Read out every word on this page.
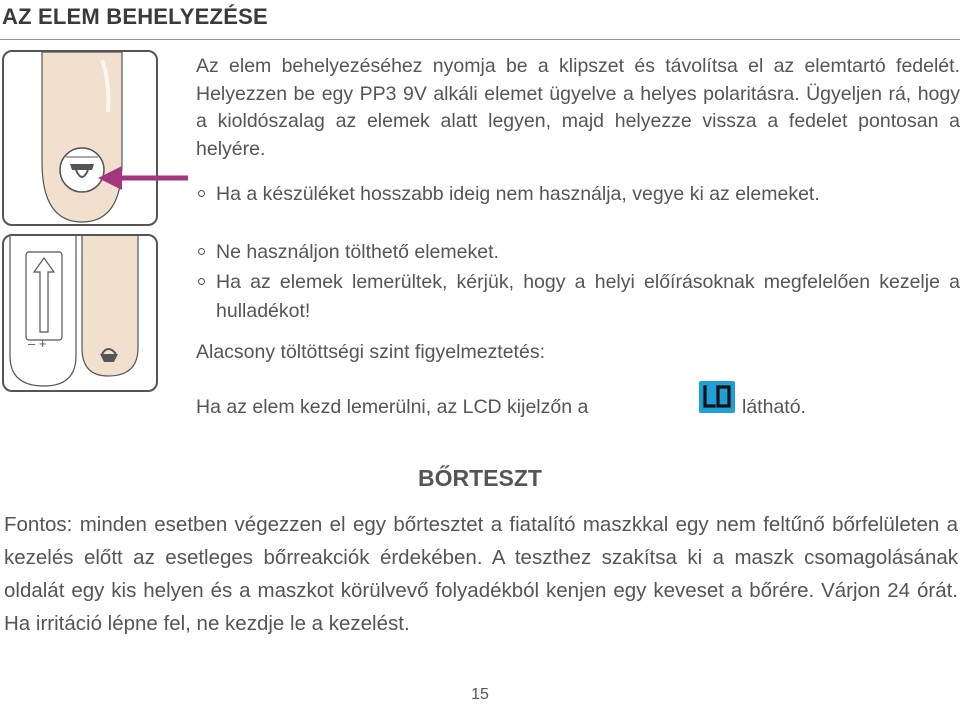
AZ ELEM BEHELYEZÉSE
– +
Az elem behelyezéséhez nyomja be a klipszet és távolítsa el az elemtartó fedelét. Helyezzen be egy PP3 9V alkáli elemet ügyelve a helyes polaritásra. Ügyeljen rá, hogy a kioldószalag az elemek alatt legyen, majd helyezze vissza a fedelet pontosan a helyére.
Ha a készüléket hosszabb ideig nem használja, vegye ki az elemeket.
Ne használjon tölthető elemeket.
Ha az elemek lemerültek, kérjük, hogy a helyi előírásoknak megfelelően kezelje a hulladékot!
Alacsony töltöttségi szint figyelmeztetés:
Ha az elem kezd lemerülni, az LCD kijelzőn a
LO
látható.
BŐRTESZT
Fontos: minden esetben végezzen el egy bőrtesztet a fiatalító maszkkal egy nem feltűnő bőrfelületen a kezelés előtt az esetleges bőrreakciók érdekében. A teszthez szakítsa ki a maszk csomagolásának oldalát egy kis helyen és a maszkot körülvevő folyadékból kenjen egy keveset a bőrére. Várjon 24 órát. Ha irritáció lépne fel, ne kezdje le a kezelést.
15
